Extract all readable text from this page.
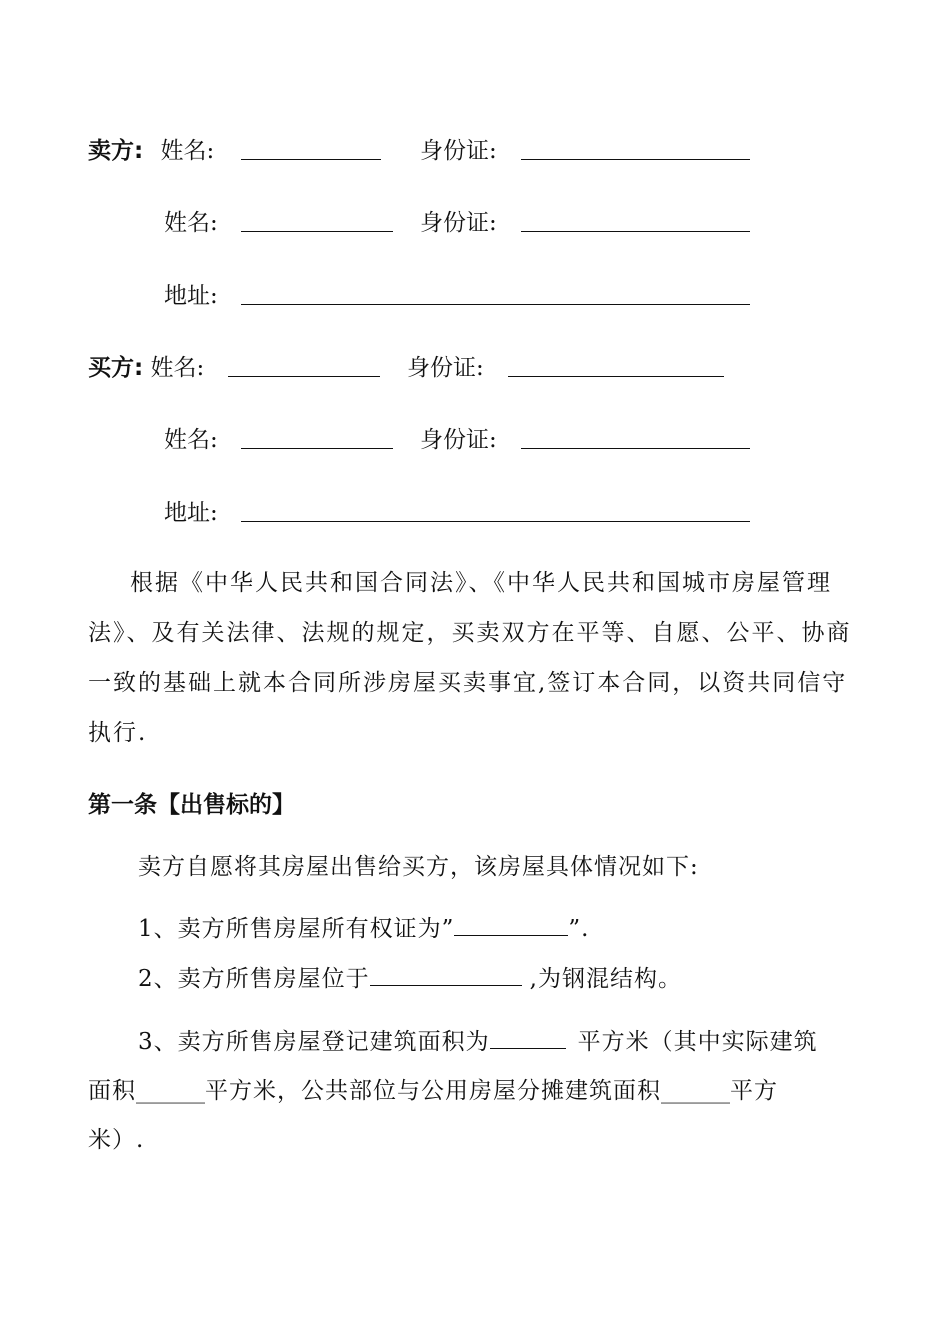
卖方: 姓名:	身份证:
姓名:	身份证:
地址:
买方: 姓名:	身份证:
姓名:	身份证:
地址:
根据《中华人民共和国合同法》、《中华人民共和国城市房屋管理法》、及有关法律、法规的规定，买卖双方在平等、自愿、公平、协商一致的基础上就本合同所涉房屋买卖事宜,签订本合同，以资共同信守执行.
第一条【出售标的】
卖方自愿将其房屋出售给买方，该房屋具体情况如下:
1、卖方所售房屋所有权证为”	”.
2、卖方所售房屋位于	,为钢混结构。
3、卖方所售房屋登记建筑面积为	平方米（其中实际建筑
面积______平方米，公共部位与公用房屋分摊建筑面积______平方
米）.
